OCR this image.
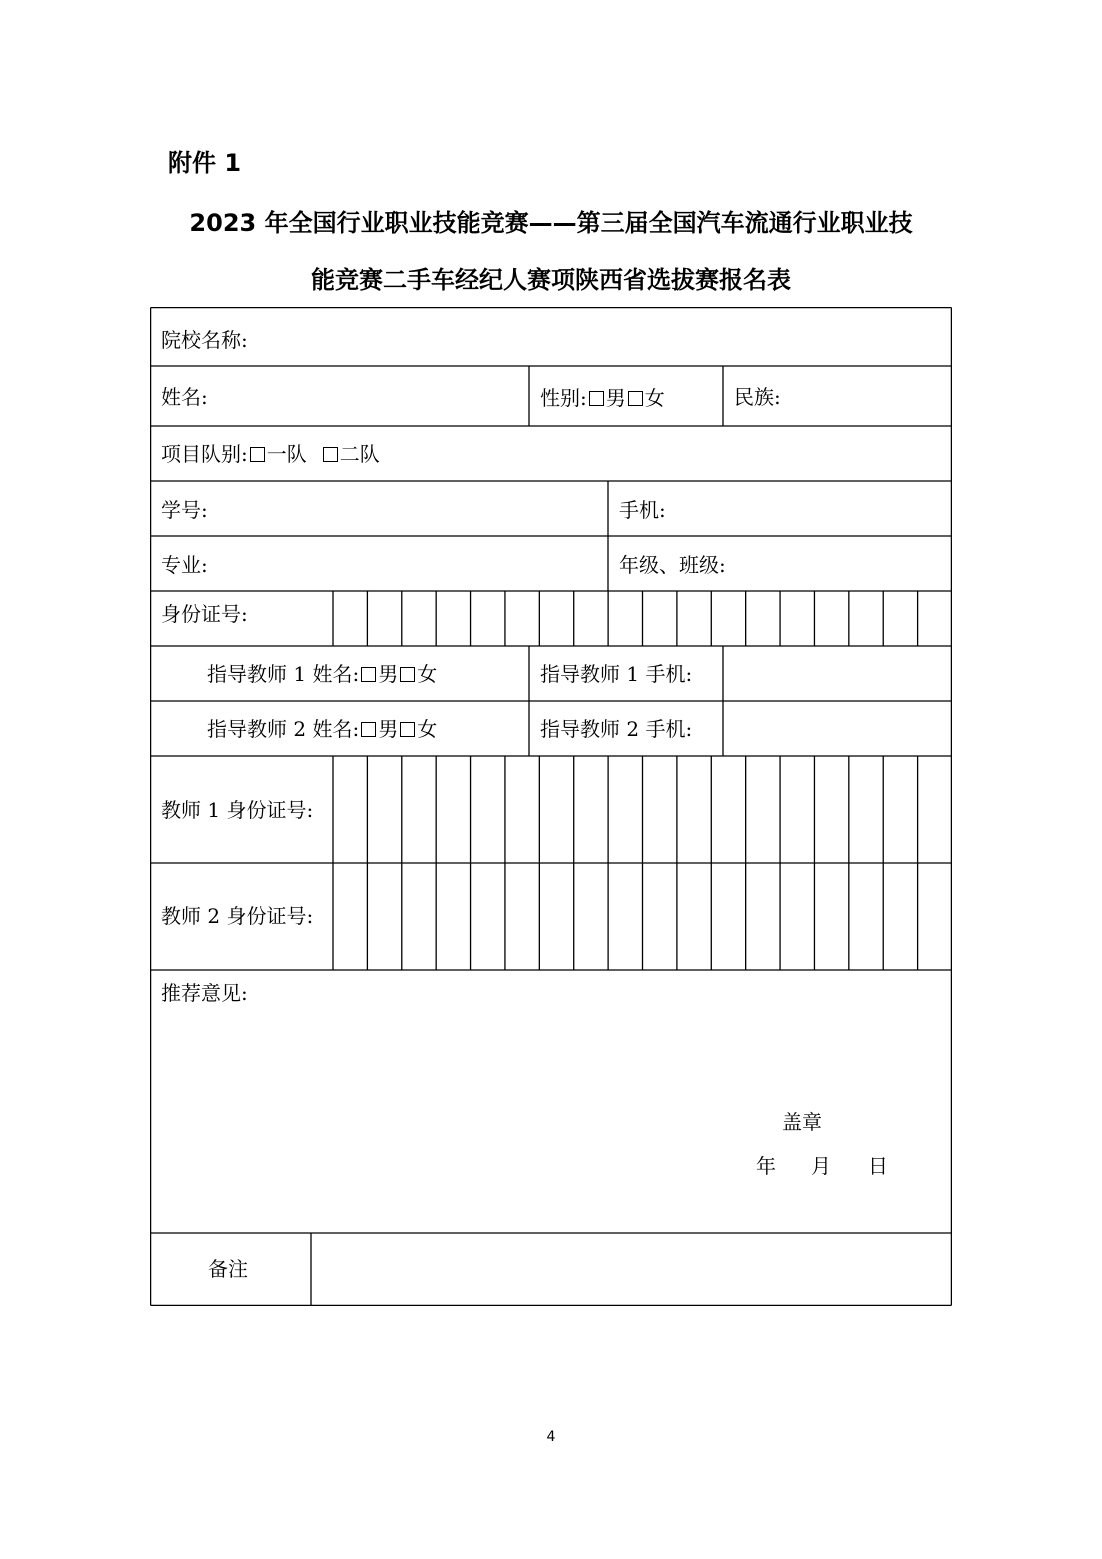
附件 1
2023 年全国行业职业技能竞赛——第三届全国汽车流通行业职业技
能竞赛二手车经纪人赛项陕西省选拔赛报名表
院校名称:
姓名:	性别: 男 女	民族:
项目队别: 一队 二队
学号:	手机:
专业:	年级、班级:
身份证号:
指导教师 1 姓名: 男 女	指导教师 1 手机:
指导教师 2 姓名: 男 女	指导教师 2 手机:
教师 1 身份证号:
教师 2 身份证号:
推荐意见:
盖章
年 月 日
备注
4
